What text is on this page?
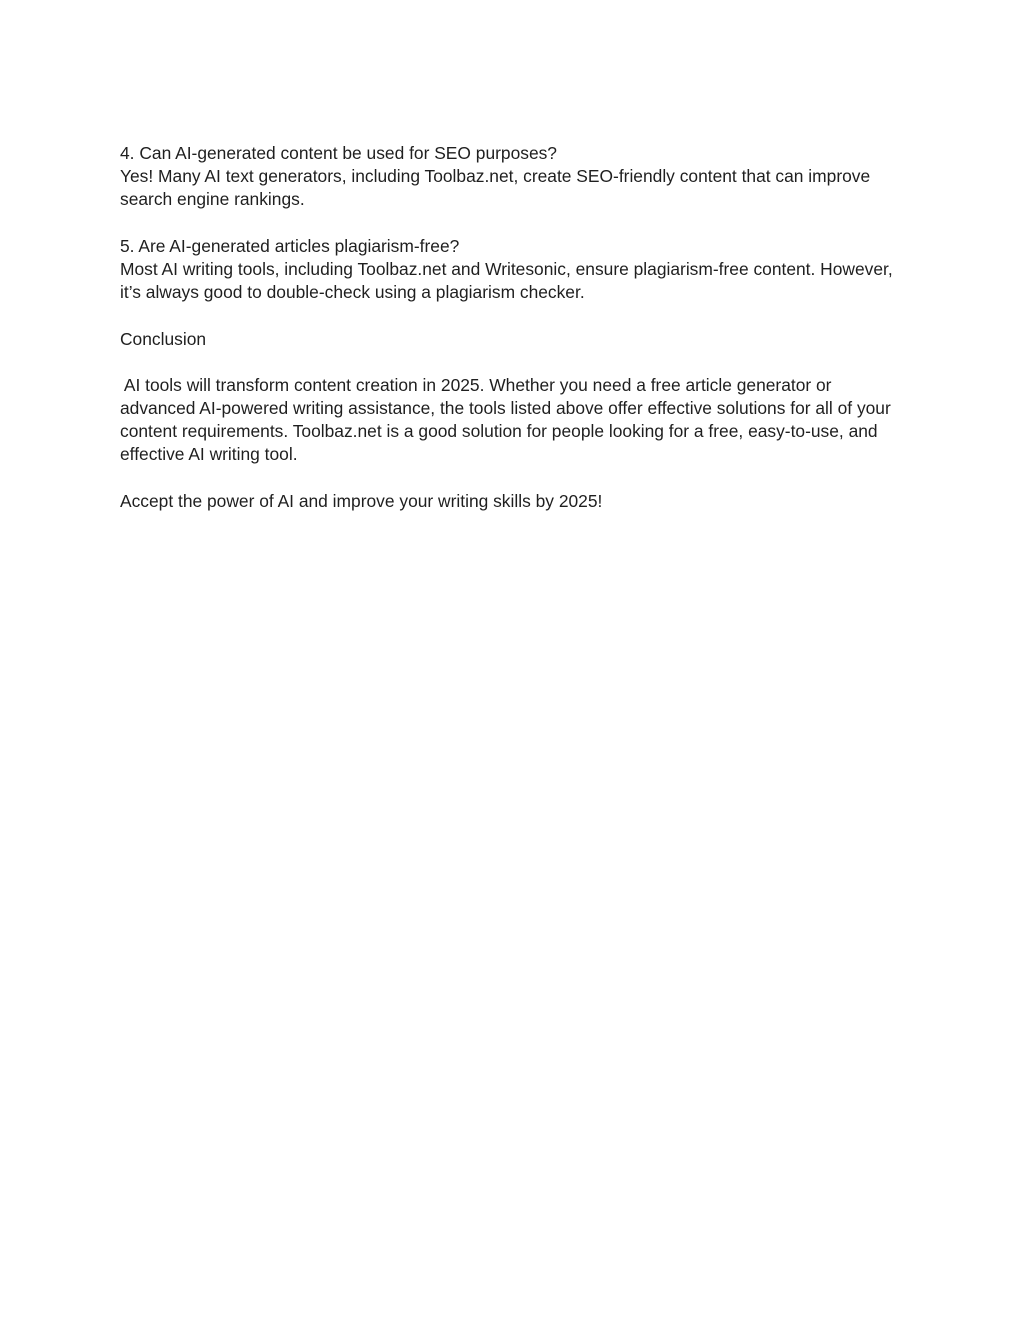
4. Can AI-generated content be used for SEO purposes?
Yes! Many AI text generators, including Toolbaz.net, create SEO-friendly content that can improve
search engine rankings.
5. Are AI-generated articles plagiarism-free?
Most AI writing tools, including Toolbaz.net and Writesonic, ensure plagiarism-free content. However,
it’s always good to double-check using a plagiarism checker.
Conclusion
AI tools will transform content creation in 2025. Whether you need a free article generator or
advanced AI-powered writing assistance, the tools listed above offer effective solutions for all of your
content requirements. Toolbaz.net is a good solution for people looking for a free, easy-to-use, and
effective AI writing tool.
Accept the power of AI and improve your writing skills by 2025!
